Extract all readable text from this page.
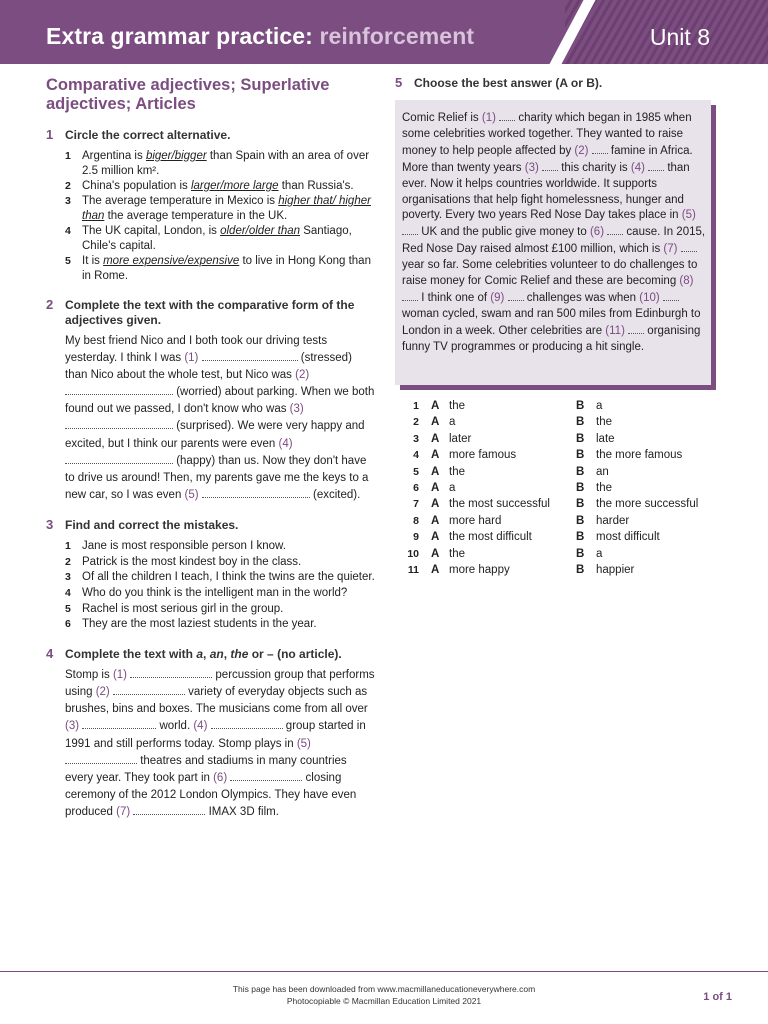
Extra grammar practice: reinforcement	Unit 8
Comparative adjectives; Superlative adjectives; Articles
1 Circle the correct alternative.
1 Argentina is biger/bigger than Spain with an area of over 2.5 million km².
2 China's population is larger/more large than Russia's.
3 The average temperature in Mexico is higher that/ higher than the average temperature in the UK.
4 The UK capital, London, is older/older than Santiago, Chile's capital.
5 It is more expensive/expensive to live in Hong Kong than in Rome.
2 Complete the text with the comparative form of the adjectives given.
My best friend Nico and I both took our driving tests yesterday. I think I was (1)	(stressed) than Nico about the whole test, but Nico was (2)  (worried) about parking. When we both found out we passed, I don't know who was (3)  (surprised). We were very happy and excited, but I think our parents were even (4)  (happy) than us. Now they don't have to drive us around! Then, my parents gave me the keys to a new car, so I was even (5)	(excited).
3 Find and correct the mistakes.
1 Jane is most responsible person I know.
2 Patrick is the most kindest boy in the class.
3 Of all the children I teach, I think the twins are the quieter.
4 Who do you think is the intelligent man in the world?
5 Rachel is most serious girl in the group.
6 They are the most laziest students in the year.
4 Complete the text with a, an, the or – (no article).
Stomp is (1)	percussion group that performs using (2)	variety of everyday objects such as brushes, bins and boxes. The musicians come from all over (3)	world. (4)	group started in 1991 and still performs today. Stomp plays in (5)  theatres and stadiums in many countries every year. They took part in (6)	closing ceremony of the 2012 London Olympics. They have even produced (7)	IMAX 3D film.
5 Choose the best answer (A or B).
Comic Relief is (1)  charity which began in 1985 when some celebrities worked together. They wanted to raise money to help people affected by (2)  famine in Africa. More than twenty years (3)  this charity is (4)  than ever. Now it helps countries worldwide. It supports organisations that help fight homelessness, hunger and poverty. Every two years Red Nose Day takes place in (5)  UK and the public give money to (6)  cause. In 2015, Red Nose Day raised almost £100 million, which is (7)  year so far. Some celebrities volunteer to do challenges to raise money for Comic Relief and these are becoming (8)  I think one of (9)  challenges was when (10)  woman cycled, swam and ran 500 miles from Edinburgh to London in a week. Other celebrities are (11)  organising funny TV programmes or producing a hit single.
1 A the	B a
2 A a	B the
3 A later	B late
4 A more famous	B the more famous
5 A the	B an
6 A a	B the
7 A the most successful B the more successful
8 A more hard	B harder
9 A the most difficult	B most difficult
10 A the	B a
11 A more happy	B happier
This page has been downloaded from www.macmillaneducationeverywhere.com
Photocopiable © Macmillan Education Limited 2021	1 of 1
